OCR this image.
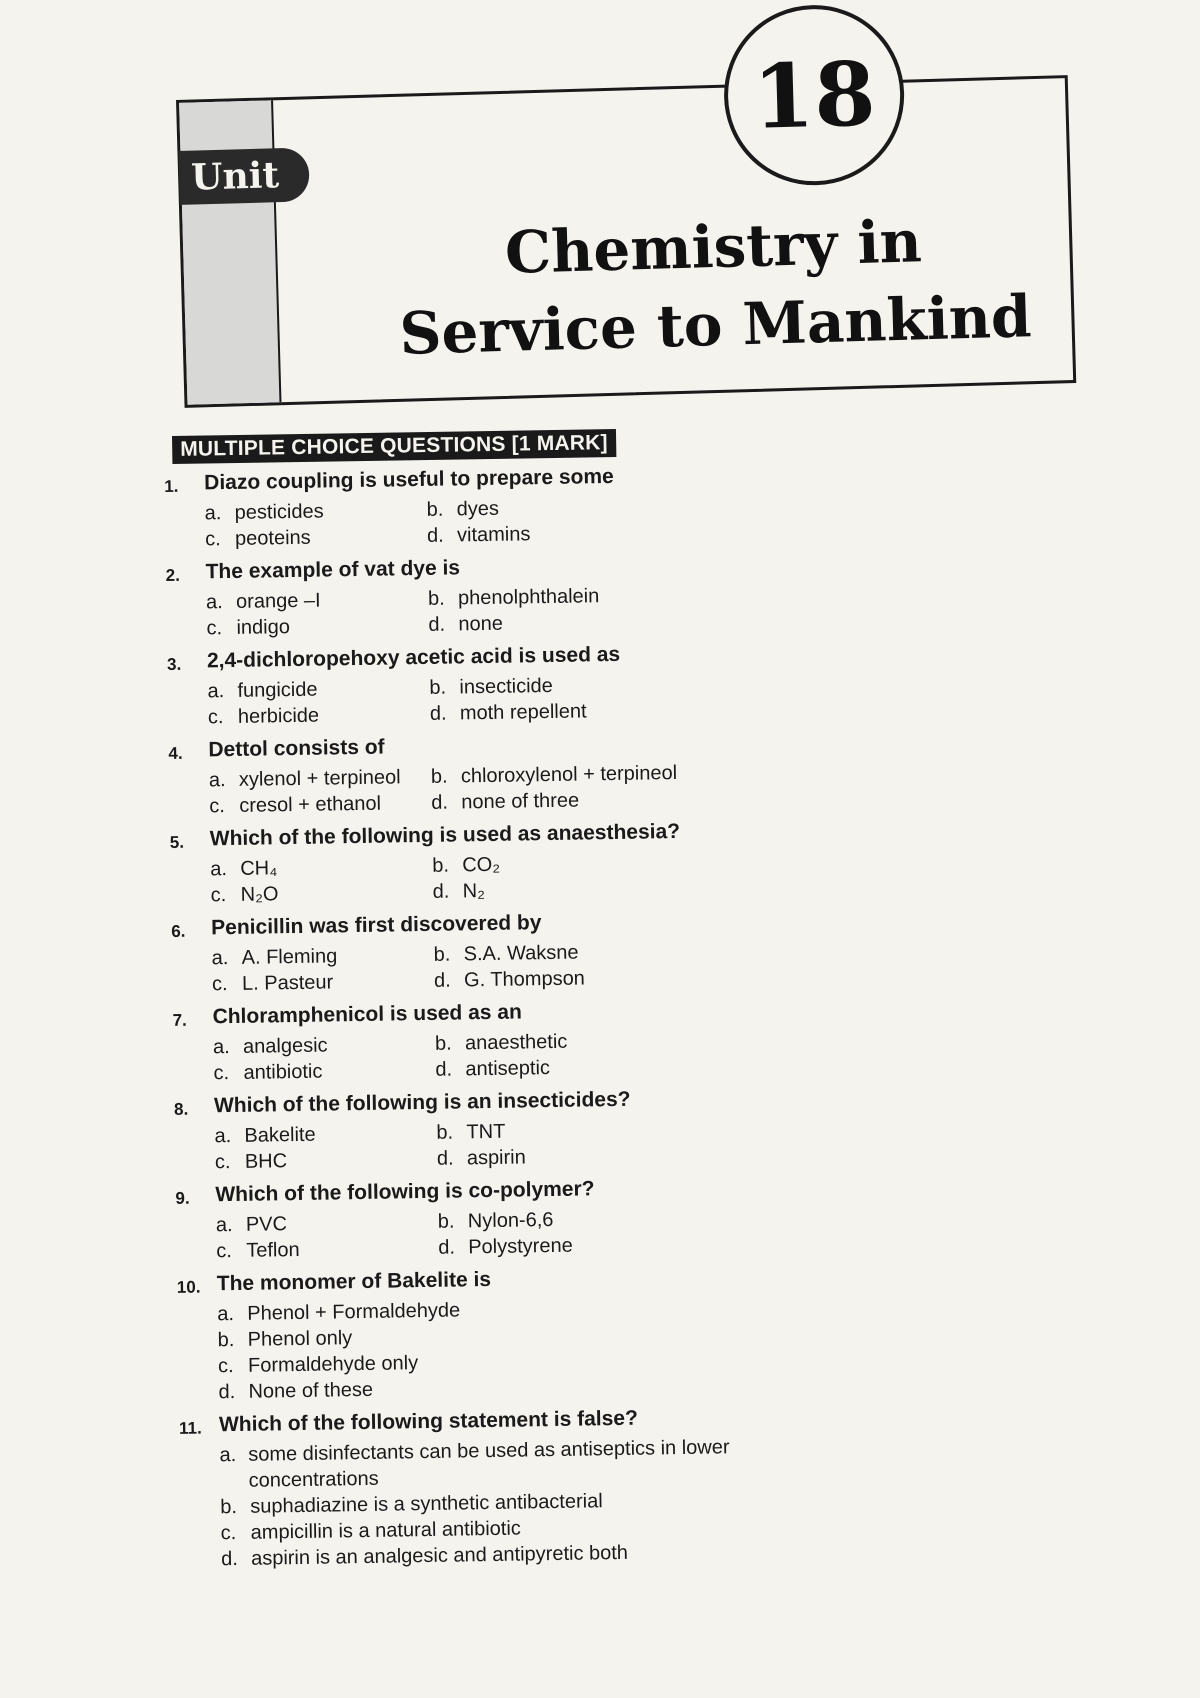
Unit
18
Chemistry in
Service to Mankind
MULTIPLE CHOICE QUESTIONS [1 MARK]
1.	Diazo coupling is useful to prepare some
a. pesticides	b. dyes
c. peoteins	d. vitamins
2.	The example of vat dye is
a. orange –I	b. phenolphthalein
c. indigo	d. none
3.	2,4-dichloropehoxy acetic acid is used as
a. fungicide	b. insecticide
c. herbicide	d. moth repellent
4.	Dettol consists of
a. xylenol + terpineol b. chloroxylenol + terpineol
c. cresol + ethanol d. none of three
5.	Which of the following is used as anaesthesia?
a. CH₄	b. CO₂
c. N₂O	d. N₂
6.	Penicillin was first discovered by
a. A. Fleming	b. S.A. Waksne
c. L. Pasteur	d. G. Thompson
7.	Chloramphenicol is used as an
a. analgesic	b. anaesthetic
c. antibiotic	d. antiseptic
8.	Which of the following is an insecticides?
a. Bakelite	b. TNT
c. BHC	d. aspirin
9.	Which of the following is co-polymer?
a. PVC	b. Nylon-6,6
c. Teflon	d. Polystyrene
10. The monomer of Bakelite is
a. Phenol + Formaldehyde
b. Phenol only
c. Formaldehyde only
d. None of these
11. Which of the following statement is false?
a. some disinfectants can be used as antiseptics in lower concentrations
b. suphadiazine is a synthetic antibacterial
c. ampicillin is a natural antibiotic
d. aspirin is an analgesic and antipyretic both
